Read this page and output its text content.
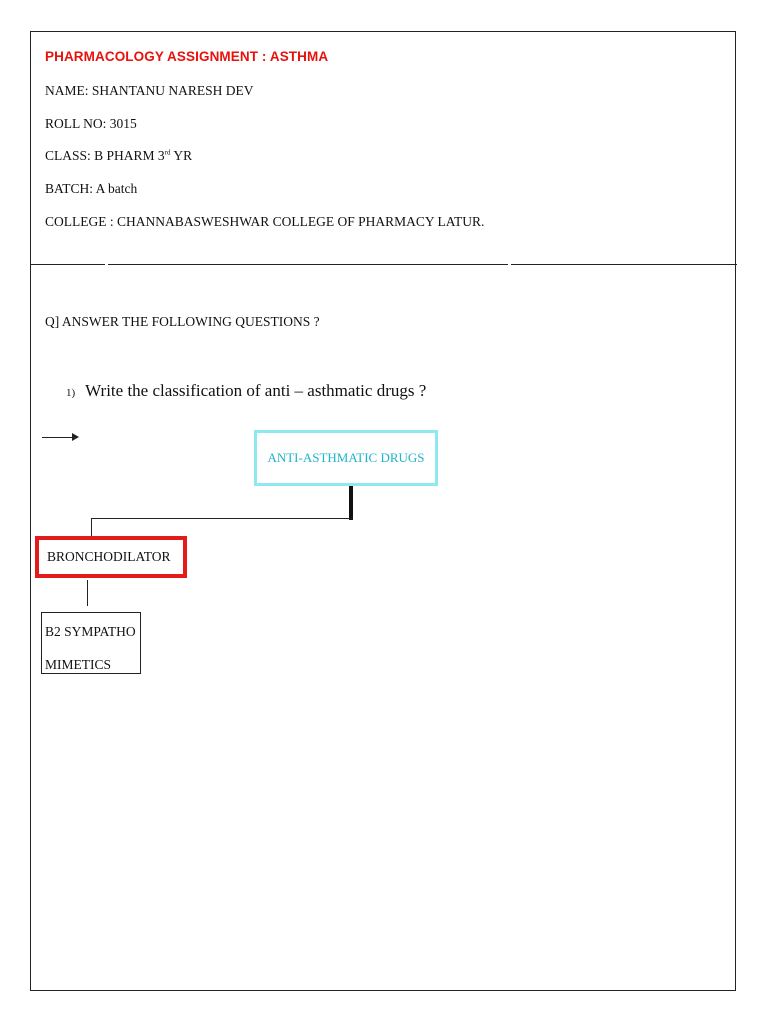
PHARMACOLOGY ASSIGNMENT : ASTHMA
NAME: SHANTANU NARESH DEV
ROLL NO: 3015
CLASS: B PHARM 3rd YR
BATCH: A batch
COLLEGE : CHANNABASWESHWAR COLLEGE OF PHARMACY LATUR.
Q] ANSWER THE FOLLOWING QUESTIONS ?
1) Write the classification of anti – asthmatic drugs ?
ANTI-ASTHMATIC DRUGS
BRONCHODILATOR
B2 SYMPATHO
MIMETICS
